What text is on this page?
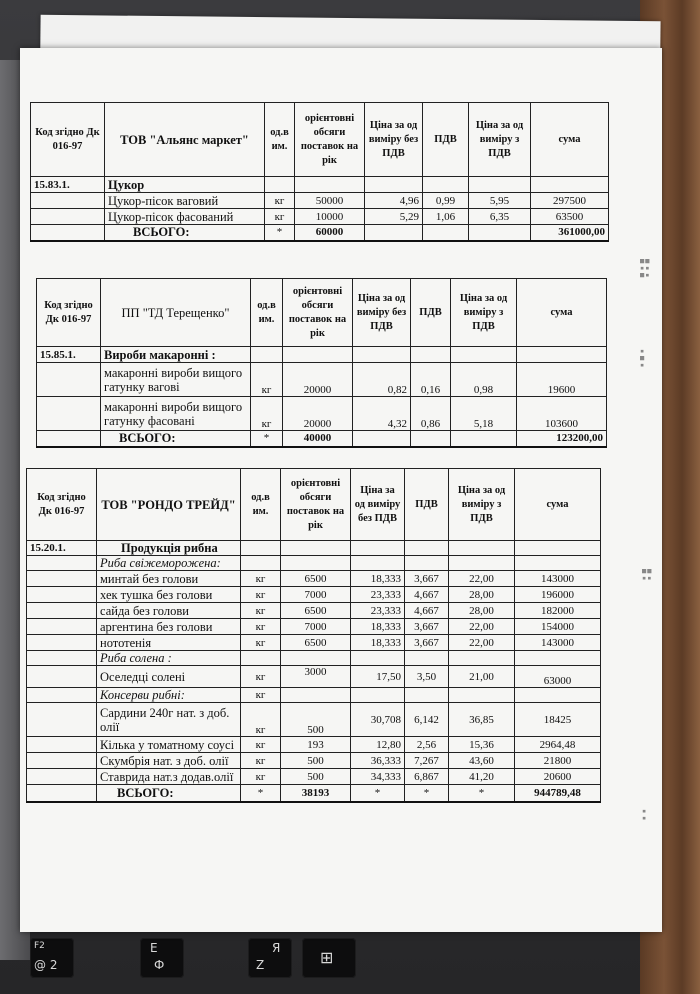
F2
@ 2
E
Ф
Я
Z	⊞
■■
▪▪
■▪
▪
■
▪
■■
▪▪
▪
▪
Код згідно Дк 016-97	ТОВ "Альянс маркет"	од.в им.	орієнтовні обсяги поставок на рік	Ціна за од виміру без ПДВ	ПДВ	Ціна за од виміру з ПДВ	сума
15.83.1.	Цукор						
	Цукор-пісок ваговий	кг	50000	4,96	0,99	5,95	297500
	Цукор-пісок фасований	кг	10000	5,29	1,06	6,35	63500
	ВСЬОГО:	*	60000				361000,00
Код згідно Дк 016-97	ПП "ТД Терещенко"	од.в им.	орієнтовні обсяги поставок на рік	Ціна за од виміру без ПДВ	ПДВ	Ціна за од виміру з ПДВ	сума
15.85.1.	Вироби макаронні :						
	макаронні вироби вищого гатунку вагові	кг	20000	0,82	0,16	0,98	19600
	макаронні вироби вищого гатунку фасовані	кг	20000	4,32	0,86	5,18	103600
	ВСЬОГО:	*	40000				123200,00
Код згідно Дк 016-97	ТОВ "РОНДО ТРЕЙД"	од.в им.	орієнтовні обсяги поставок на рік	Ціна за од виміру без ПДВ	ПДВ	Ціна за од виміру з ПДВ	сума
15.20.1.	Продукція рибна						
	Риба свіжемороженa:						
	минтай без голови	кг	6500	18,333	3,667	22,00	143000
	хек тушка без голови	кг	7000	23,333	4,667	28,00	196000
	сайда без голови	кг	6500	23,333	4,667	28,00	182000
	аргентина без голови	кг	7000	18,333	3,667	22,00	154000
	нототенія	кг	6500	18,333	3,667	22,00	143000
	Риба солена :						
	Оселедці солені	кг	3000	17,50	3,50	21,00	63000
	Консерви рибні:	кг					
	Сардини 240г нат. з доб. олії	кг	500	30,708	6,142	36,85	18425
	Кілька у томатному соусі	кг	193	12,80	2,56	15,36	2964,48
	Скумбрія нат. з доб. олії	кг	500	36,333	7,267	43,60	21800
	Ставрида нат.з додав.олії	кг	500	34,333	6,867	41,20	20600
	ВСЬОГО:	*	38193	*	*	*	944789,48
